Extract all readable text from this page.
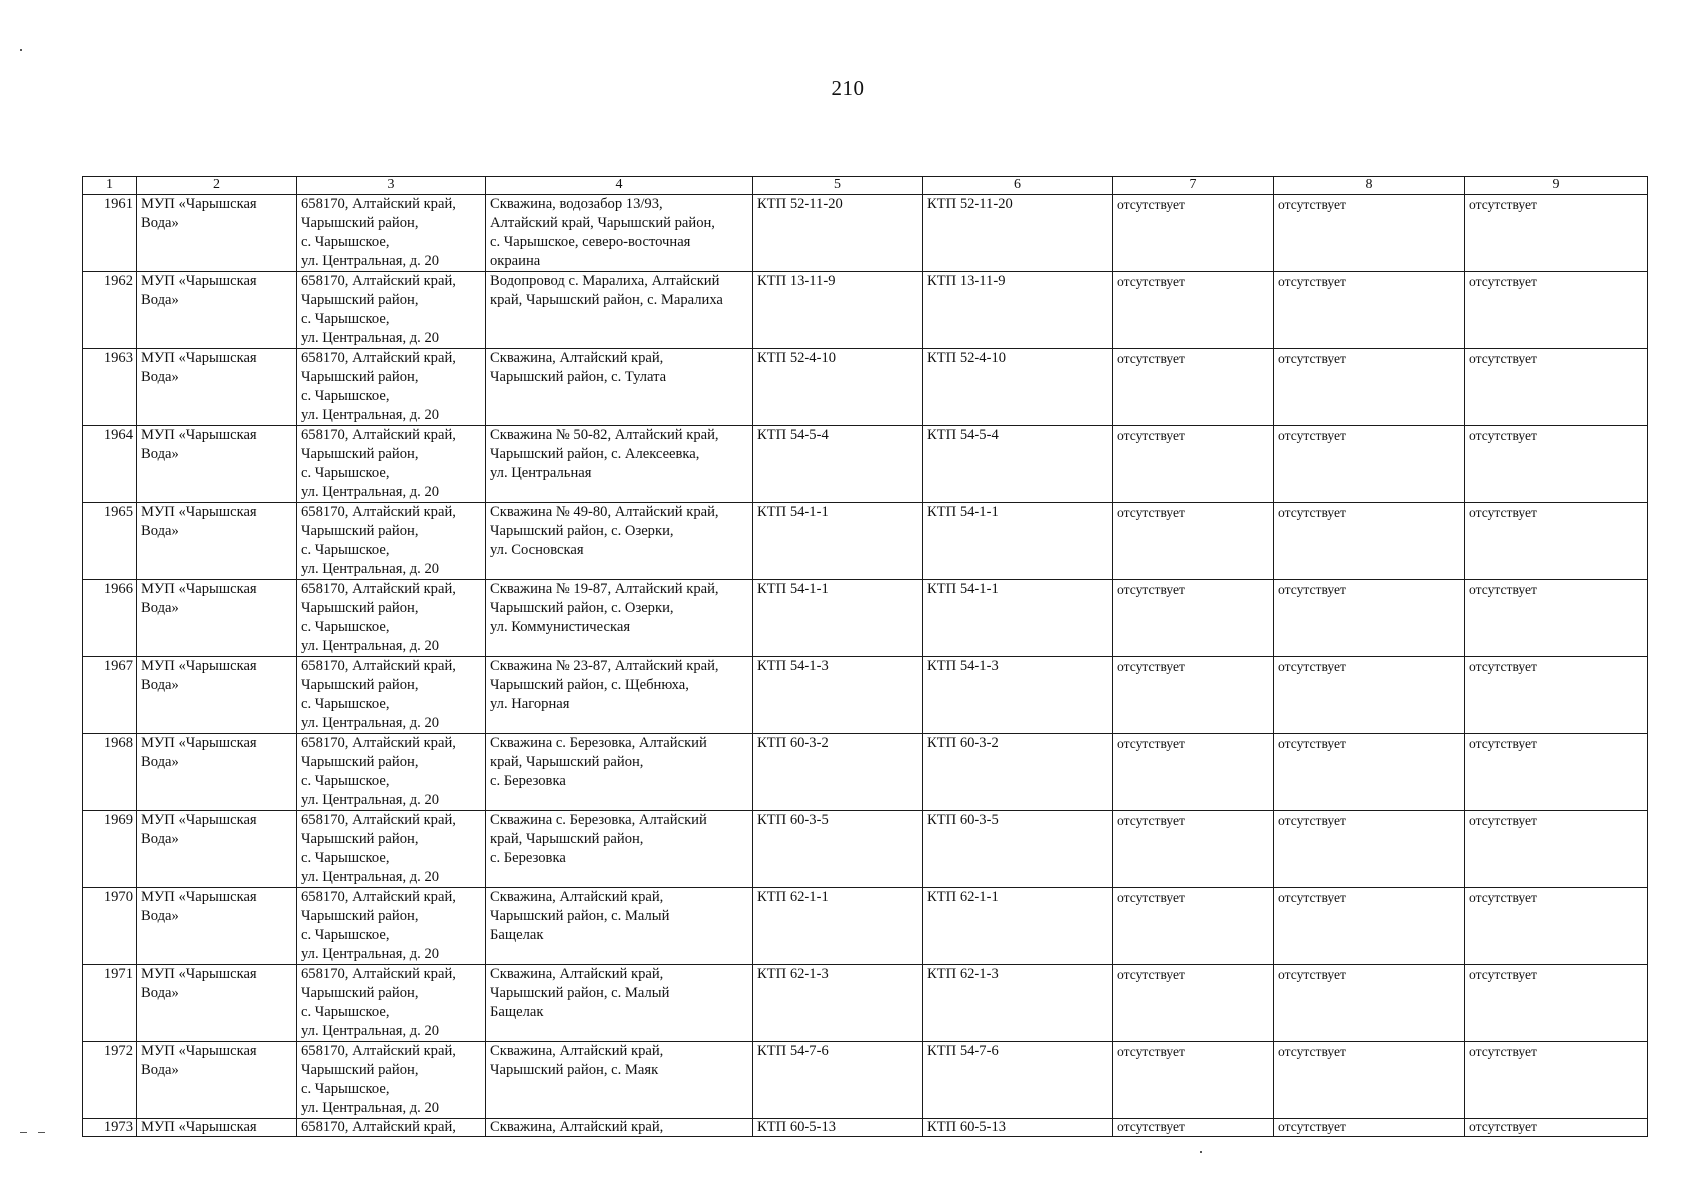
210
1	2	3	4	5	6	7	8	9
1961	МУП «Чарышская
Вода»	658170, Алтайский край,
Чарышский район,
с. Чарышское,
ул. Центральная, д. 20	Скважина, водозабор 13/93,
Алтайский край, Чарышский район,
с. Чарышское, северо-восточная
окраина	КТП 52-11-20	КТП 52-11-20	отсутствует	отсутствует	отсутствует
1962	МУП «Чарышская
Вода»	658170, Алтайский край,
Чарышский район,
с. Чарышское,
ул. Центральная, д. 20	Водопровод с. Маралиха, Алтайский
край, Чарышский район, с. Маралиха	КТП 13-11-9	КТП 13-11-9	отсутствует	отсутствует	отсутствует
1963	МУП «Чарышская
Вода»	658170, Алтайский край,
Чарышский район,
с. Чарышское,
ул. Центральная, д. 20	Скважина, Алтайский край,
Чарышский район, с. Тулата	КТП 52-4-10	КТП 52-4-10	отсутствует	отсутствует	отсутствует
1964	МУП «Чарышская
Вода»	658170, Алтайский край,
Чарышский район,
с. Чарышское,
ул. Центральная, д. 20	Скважина № 50-82, Алтайский край,
Чарышский район, с. Алексеевка,
ул. Центральная	КТП 54-5-4	КТП 54-5-4	отсутствует	отсутствует	отсутствует
1965	МУП «Чарышская
Вода»	658170, Алтайский край,
Чарышский район,
с. Чарышское,
ул. Центральная, д. 20	Скважина № 49-80, Алтайский край,
Чарышский район, с. Озерки,
ул. Сосновская	КТП 54-1-1	КТП 54-1-1	отсутствует	отсутствует	отсутствует
1966	МУП «Чарышская
Вода»	658170, Алтайский край,
Чарышский район,
с. Чарышское,
ул. Центральная, д. 20	Скважина № 19-87, Алтайский край,
Чарышский район, с. Озерки,
ул. Коммунистическая	КТП 54-1-1	КТП 54-1-1	отсутствует	отсутствует	отсутствует
1967	МУП «Чарышская
Вода»	658170, Алтайский край,
Чарышский район,
с. Чарышское,
ул. Центральная, д. 20	Скважина № 23-87, Алтайский край,
Чарышский район, с. Щебнюха,
ул. Нагорная	КТП 54-1-3	КТП 54-1-3	отсутствует	отсутствует	отсутствует
1968	МУП «Чарышская
Вода»	658170, Алтайский край,
Чарышский район,
с. Чарышское,
ул. Центральная, д. 20	Скважина с. Березовка, Алтайский
край, Чарышский район,
с. Березовка	КТП 60-3-2	КТП 60-3-2	отсутствует	отсутствует	отсутствует
1969	МУП «Чарышская
Вода»	658170, Алтайский край,
Чарышский район,
с. Чарышское,
ул. Центральная, д. 20	Скважина с. Березовка, Алтайский
край, Чарышский район,
с. Березовка	КТП 60-3-5	КТП 60-3-5	отсутствует	отсутствует	отсутствует
1970	МУП «Чарышская
Вода»	658170, Алтайский край,
Чарышский район,
с. Чарышское,
ул. Центральная, д. 20	Скважина, Алтайский край,
Чарышский район, с. Малый
Бащелак	КТП 62-1-1	КТП 62-1-1	отсутствует	отсутствует	отсутствует
1971	МУП «Чарышская
Вода»	658170, Алтайский край,
Чарышский район,
с. Чарышское,
ул. Центральная, д. 20	Скважина, Алтайский край,
Чарышский район, с. Малый
Бащелак	КТП 62-1-3	КТП 62-1-3	отсутствует	отсутствует	отсутствует
1972	МУП «Чарышская
Вода»	658170, Алтайский край,
Чарышский район,
с. Чарышское,
ул. Центральная, д. 20	Скважина, Алтайский край,
Чарышский район, с. Маяк	КТП 54-7-6	КТП 54-7-6	отсутствует	отсутствует	отсутствует
1973	МУП «Чарышская	658170, Алтайский край,	Скважина, Алтайский край,	КТП 60-5-13	КТП 60-5-13	отсутствует	отсутствует	отсутствует
